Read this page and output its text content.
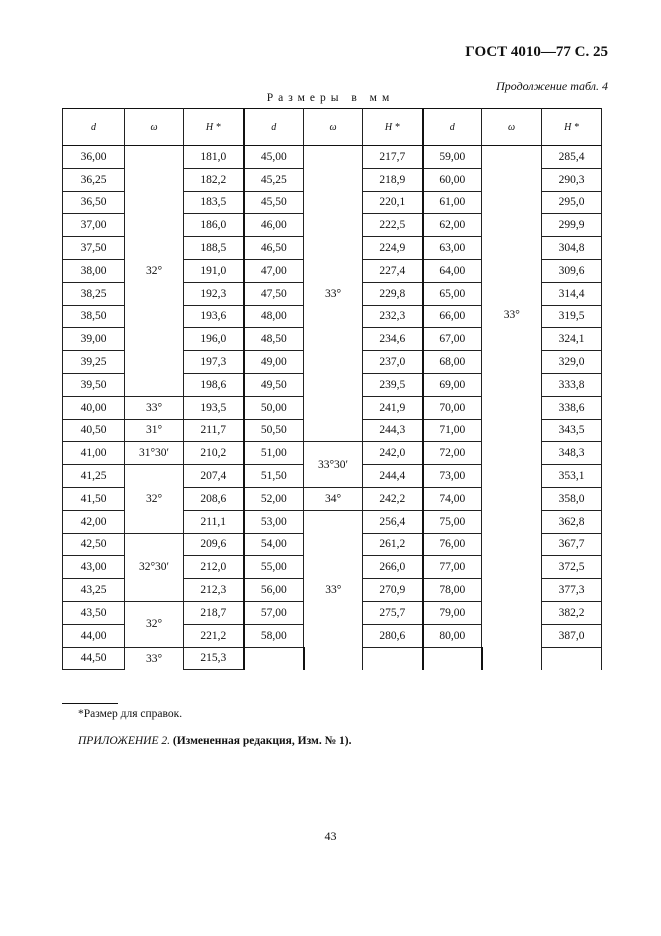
ГОСТ 4010—77 С. 25
Продолжение табл. 4
Размеры в мм
d	ω	H *	d	ω	H *	d	ω	H *
36,00	32°	181,0	45,00	33°	217,7	59,00	33°	285,4
36,25		182,2	45,25		218,9	60,00		290,3
36,50		183,5	45,50		220,1	61,00		295,0
37,00		186,0	46,00		222,5	62,00		299,9
37,50		188,5	46,50		224,9	63,00		304,8
38,00		191,0	47,00		227,4	64,00		309,6
38,25		192,3	47,50		229,8	65,00		314,4
38,50		193,6	48,00		232,3	66,00		319,5
39,00		196,0	48,50		234,6	67,00		324,1
39,25		197,3	49,00		237,0	68,00		329,0
39,50		198,6	49,50		239,5	69,00		333,8
40,00	33°	193,5	50,00		241,9	70,00		338,6
40,50	31°	211,7	50,50		244,3	71,00		343,5
41,00	31°30′	210,2	51,00	33°30′	242,0	72,00		348,3
41,25	32°	207,4	51,50		244,4	73,00		353,1
41,50		208,6	52,00	34°	242,2	74,00		358,0
42,00		211,1	53,00	33°	256,4	75,00		362,8
42,50	32°30′	209,6	54,00		261,2	76,00		367,7
43,00		212,0	55,00		266,0	77,00		372,5
43,25		212,3	56,00		270,9	78,00		377,3
43,50	32°	218,7	57,00		275,7	79,00		382,2
44,00		221,2	58,00		280,6	80,00		387,0
44,50	33°	215,3						
*Размер для справок.
ПРИЛОЖЕНИЕ 2. (Измененная редакция, Изм. № 1).
43
